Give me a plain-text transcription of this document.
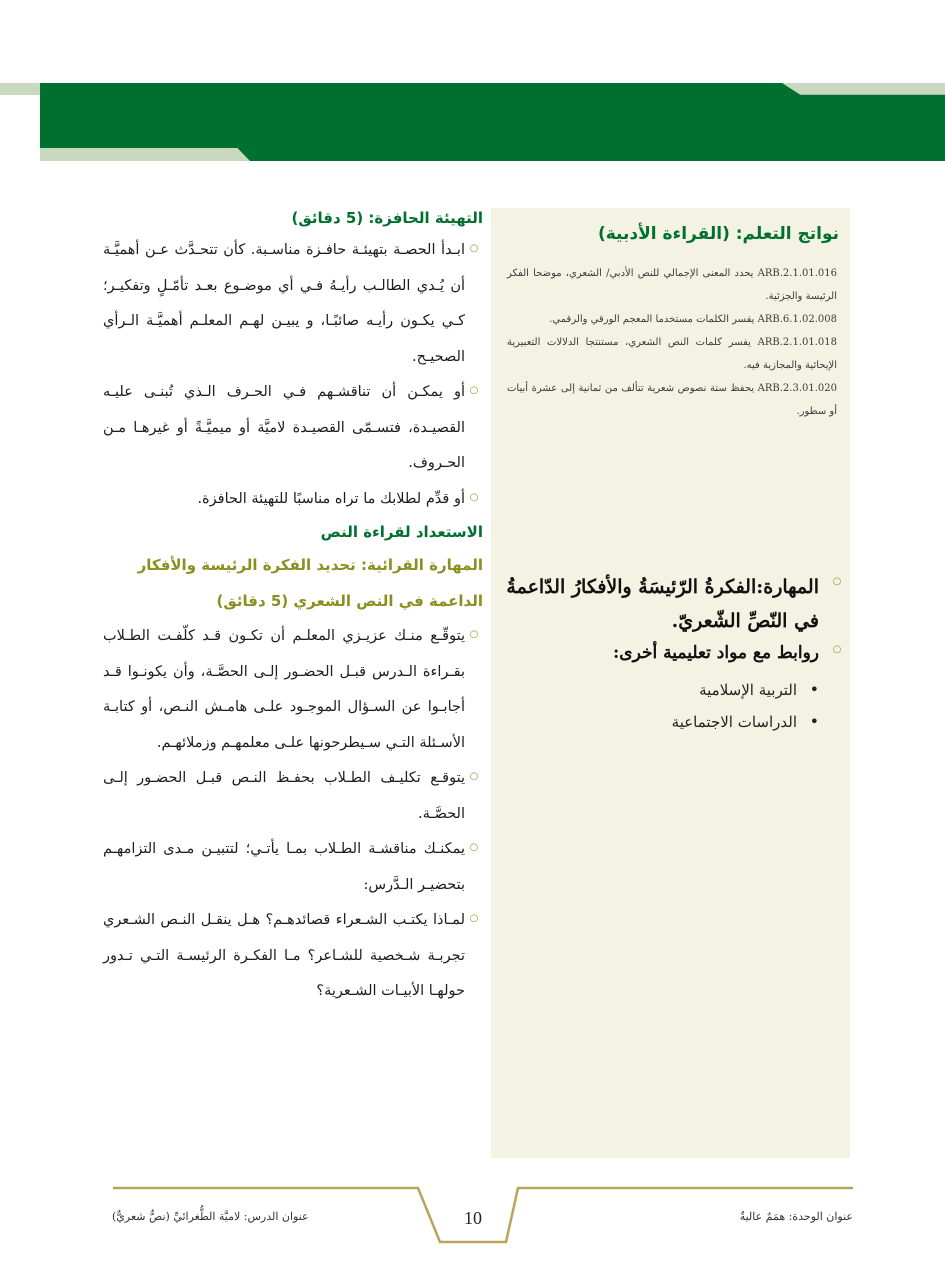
نواتج التعلم: (القراءة الأدبية)

ARB.2.1.01.016 يحدد المعنى الإجمالي للنص الأدبي/ الشعري، موضحا الفكر الرئيسة والجزئية.

ARB.6.1.02.008 يفسر الكلمات مستخدما المعجم الورقي والرقمي.

ARB.2.1.01.018 يفسر كلمات النص الشعري، مستنتجا الدلالات التعبيرية الإيحائية والمجازية فيه.

ARB.2.3.01.020 يحفظ ستة نصوص شعرية تتألف من ثمانية إلى عشرة أبيات أو سطور.

○
المهارة:الفكرةُ الرّئيسَةُ والأفكارُ الدّاعمةُ في النّصِّ الشّعريّ.
○
روابط مع مواد تعليمية أخرى:
• التربية الإسلامية
• الدراسات الاجتماعية

التهيئة الحافزة: (5 دقائق)

○
ابـدأ الحصـة بتهيئـة حافـزة مناسـبة. كأن تتحـدَّث عـن أهميَّـة أن يُـدي الطالـب رأيـهُ فـي أي موضـوع بعـد تأمّـلٍ وتفكيـر؛ كـي يكـون رأيـه صائبًـا، و يبيـن لهـم المعلـم أهميَّـة الـرأي الصحيـح.
○
أو يمكـن أن تناقشـهم فـي الحـرف الـذي تُبنـى عليـه القصيـدة، فتسـمّى القصيـدة لاميَّة أو ميميَّـةً أو غيرهـا مـن الحـروف.
○
أو قدِّم لطلابك ما تراه مناسبًا للتهيئة الحافزة.

الاستعداد لقراءة النص

المهارة القرائية: تحديد الفكرة الرئيسة والأفكار الداعمة في النص الشعري (5 دقائق)

○
يتوقّـع منـك عزيـزي المعلـم أن تكـون قـد كلّفـت الطـلاب بقـراءة الـدرس قبـل الحضـور إلـى الحصَّـة، وأن يكونـوا قـد أجابـوا عن السـؤال الموجـود علـى هامـش النـص، أو كتابـة الأسـئلة التـي سـيطرحونها علـى معلمهـم وزملائهـم.
○
يتوقـع تكليـف الطـلاب بحفـظ النـص قبـل الحضـور إلـى الحصَّـة.
○
يمكنـك مناقشـة الطـلاب بمـا يأتـي؛ لتتبيـن مـدى التزامهـم بتحضيـر الـدَّرس:
○
لمـاذا يكتـب الشـعراء قصائدهـم؟ هـل ينقـل النـص الشـعري تجربـة شـخصية للشـاعر؟ مـا الفكـرة الرئيسـة التـي تـدور حولهـا الأبيـات الشـعرية؟
عنوان الوحدة: همَمٌ عاليةٌ
10
عنوان الدرس: لاميَّة الطُّغرائيِّ (نصٌّ شعريٌّ)
